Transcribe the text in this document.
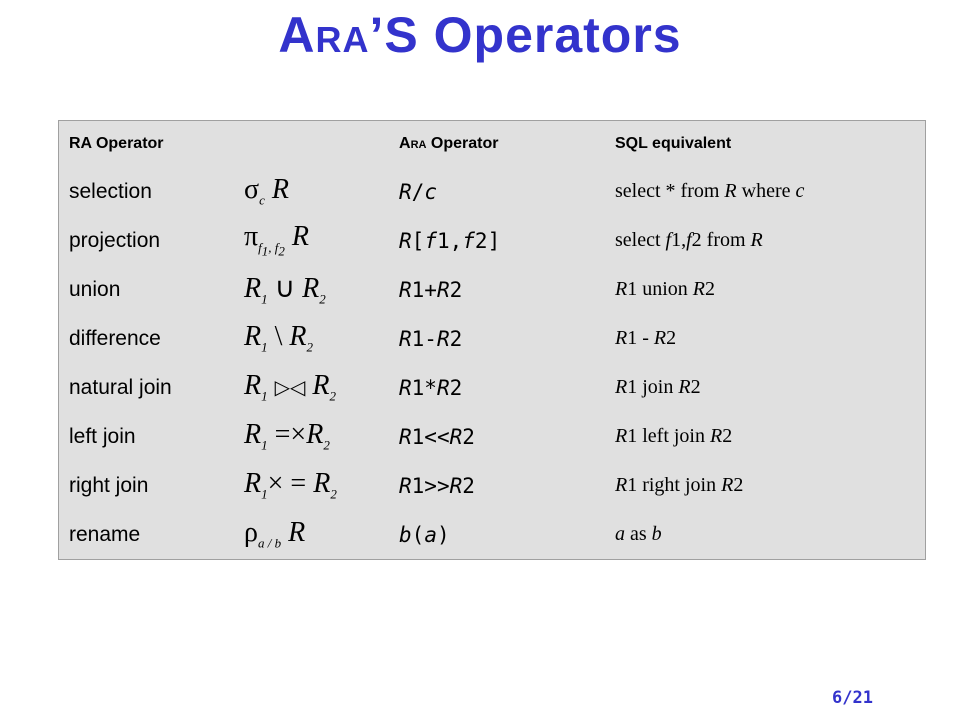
ARA’S Operators
RA Operator		ARA Operator	SQL equivalent
selection	$\sigma_c$ R	R/c	select * from R where c
projection	$\pi_{f_1, f_2}$ R	R[f1,f2]	select f1,f2 from R
union	$R_1$ ∪ $R_2$	R1+R2	R1 union R2
difference	$R_1$ \ $R_2$	R1-R2	R1 - R2
natural join	$R_1$ ▷◁ $R_2$	R1*R2	R1 join R2
left join	$R_1 =\times R_2$	R1<<R2	R1 left join R2
right join	$R_1\times = R_2$	R1>>R2	R1 right join R2
rename	$\rho_{a / b}$ R	b(a)	a as b
6/21
